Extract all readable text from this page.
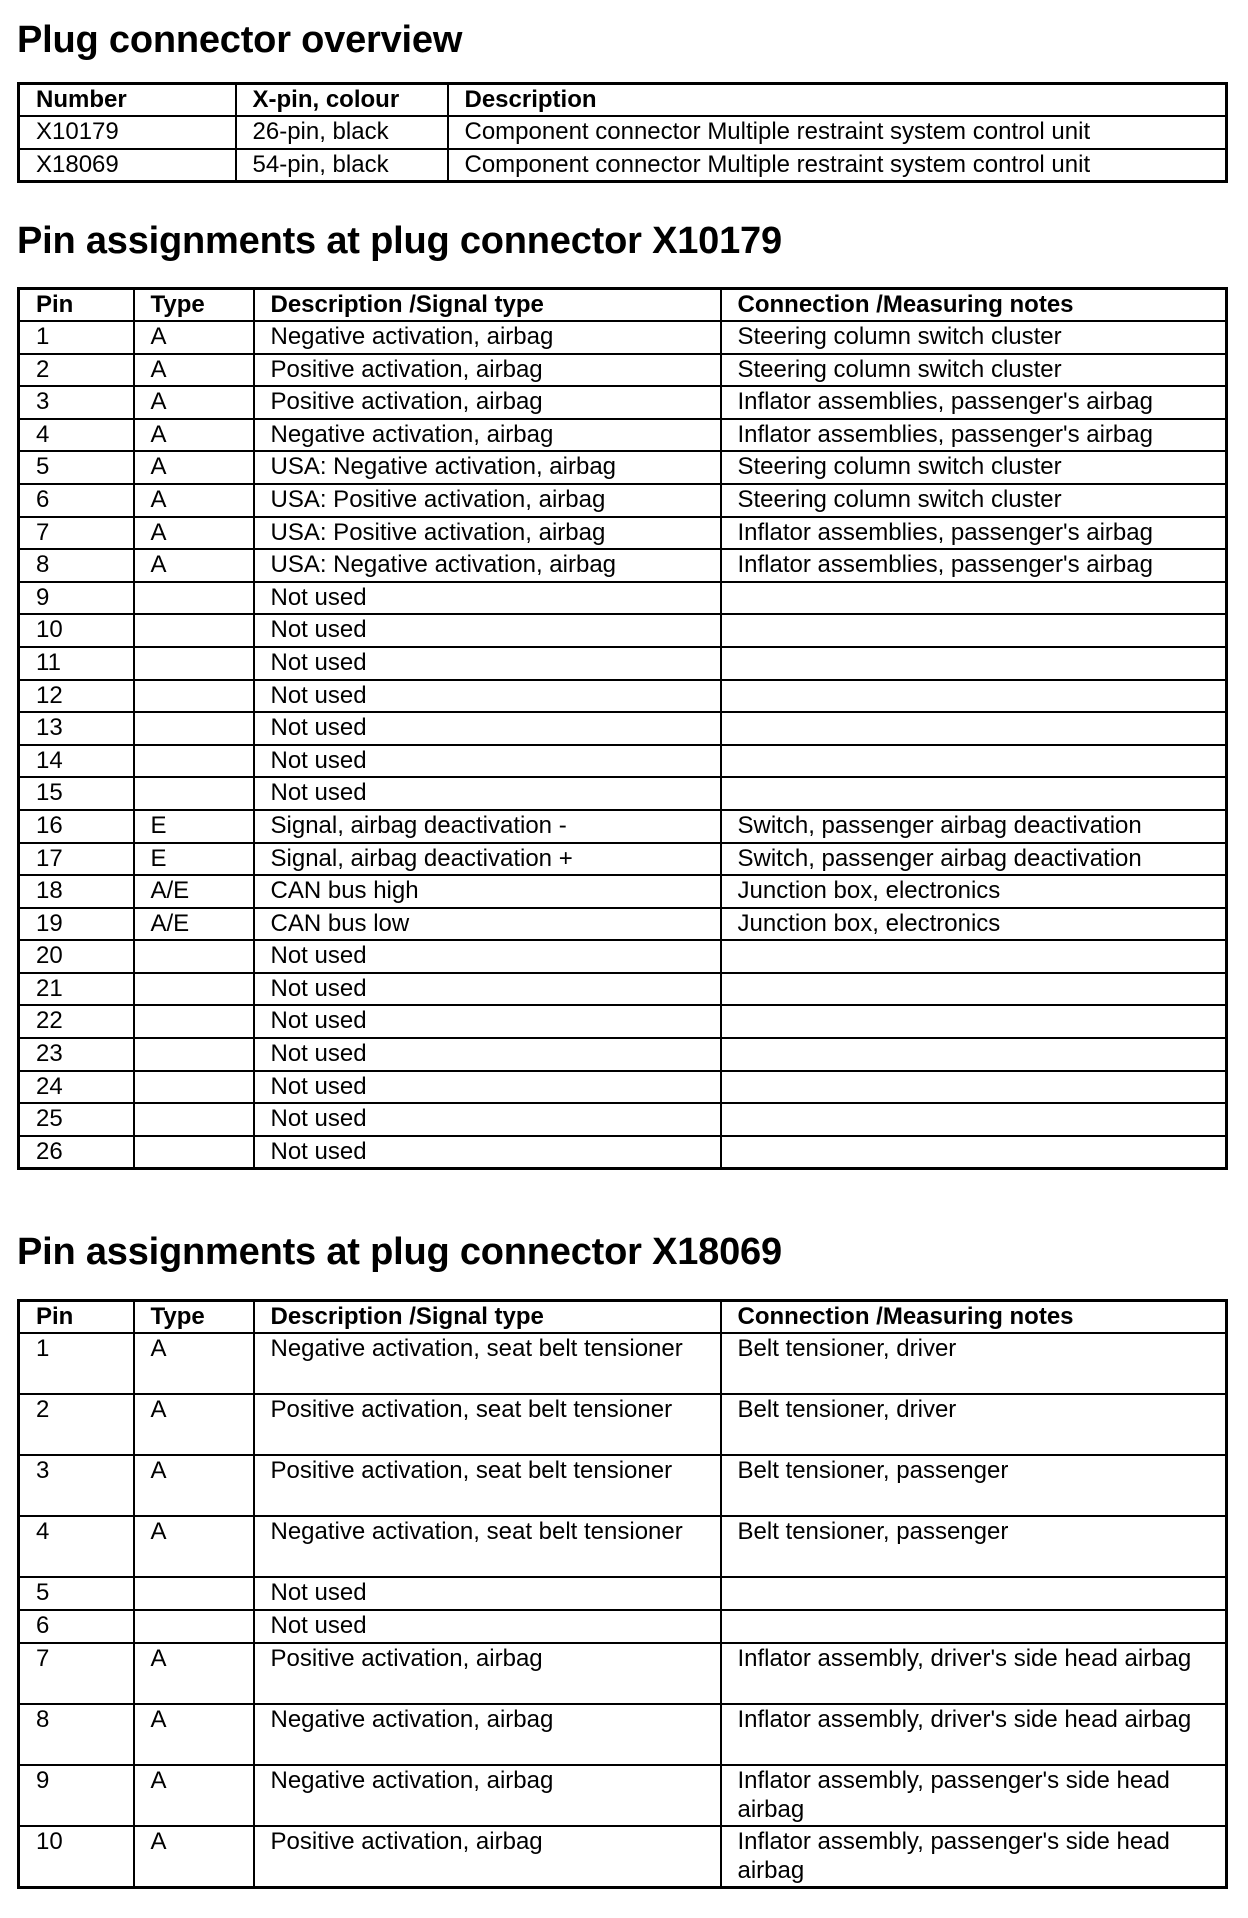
Plug connector overview
Number	X-pin, colour	Description
X10179	26-pin, black	Component connector Multiple restraint system control unit
X18069	54-pin, black	Component connector Multiple restraint system control unit
Pin assignments at plug connector X10179
Pin	Type	Description /Signal type	Connection /Measuring notes
1	A	Negative activation, airbag	Steering column switch cluster
2	A	Positive activation, airbag	Steering column switch cluster
3	A	Positive activation, airbag	Inflator assemblies, passenger's airbag
4	A	Negative activation, airbag	Inflator assemblies, passenger's airbag
5	A	USA: Negative activation, airbag	Steering column switch cluster
6	A	USA: Positive activation, airbag	Steering column switch cluster
7	A	USA: Positive activation, airbag	Inflator assemblies, passenger's airbag
8	A	USA: Negative activation, airbag	Inflator assemblies, passenger's airbag
9		Not used	
10		Not used	
11		Not used	
12		Not used	
13		Not used	
14		Not used	
15		Not used	
16	E	Signal, airbag deactivation -	Switch, passenger airbag deactivation
17	E	Signal, airbag deactivation +	Switch, passenger airbag deactivation
18	A/E	CAN bus high	Junction box, electronics
19	A/E	CAN bus low	Junction box, electronics
20		Not used	
21		Not used	
22		Not used	
23		Not used	
24		Not used	
25		Not used	
26		Not used	
Pin assignments at plug connector X18069
Pin	Type	Description /Signal type	Connection /Measuring notes
1	A	Negative activation, seat belt tensioner	Belt tensioner, driver
2	A	Positive activation, seat belt tensioner	Belt tensioner, driver
3	A	Positive activation, seat belt tensioner	Belt tensioner, passenger
4	A	Negative activation, seat belt tensioner	Belt tensioner, passenger
5		Not used	
6		Not used	
7	A	Positive activation, airbag	Inflator assembly, driver's side head airbag
8	A	Negative activation, airbag	Inflator assembly, driver's side head airbag
9	A	Negative activation, airbag	Inflator assembly, passenger's side head airbag
10	A	Positive activation, airbag	Inflator assembly, passenger's side head airbag
